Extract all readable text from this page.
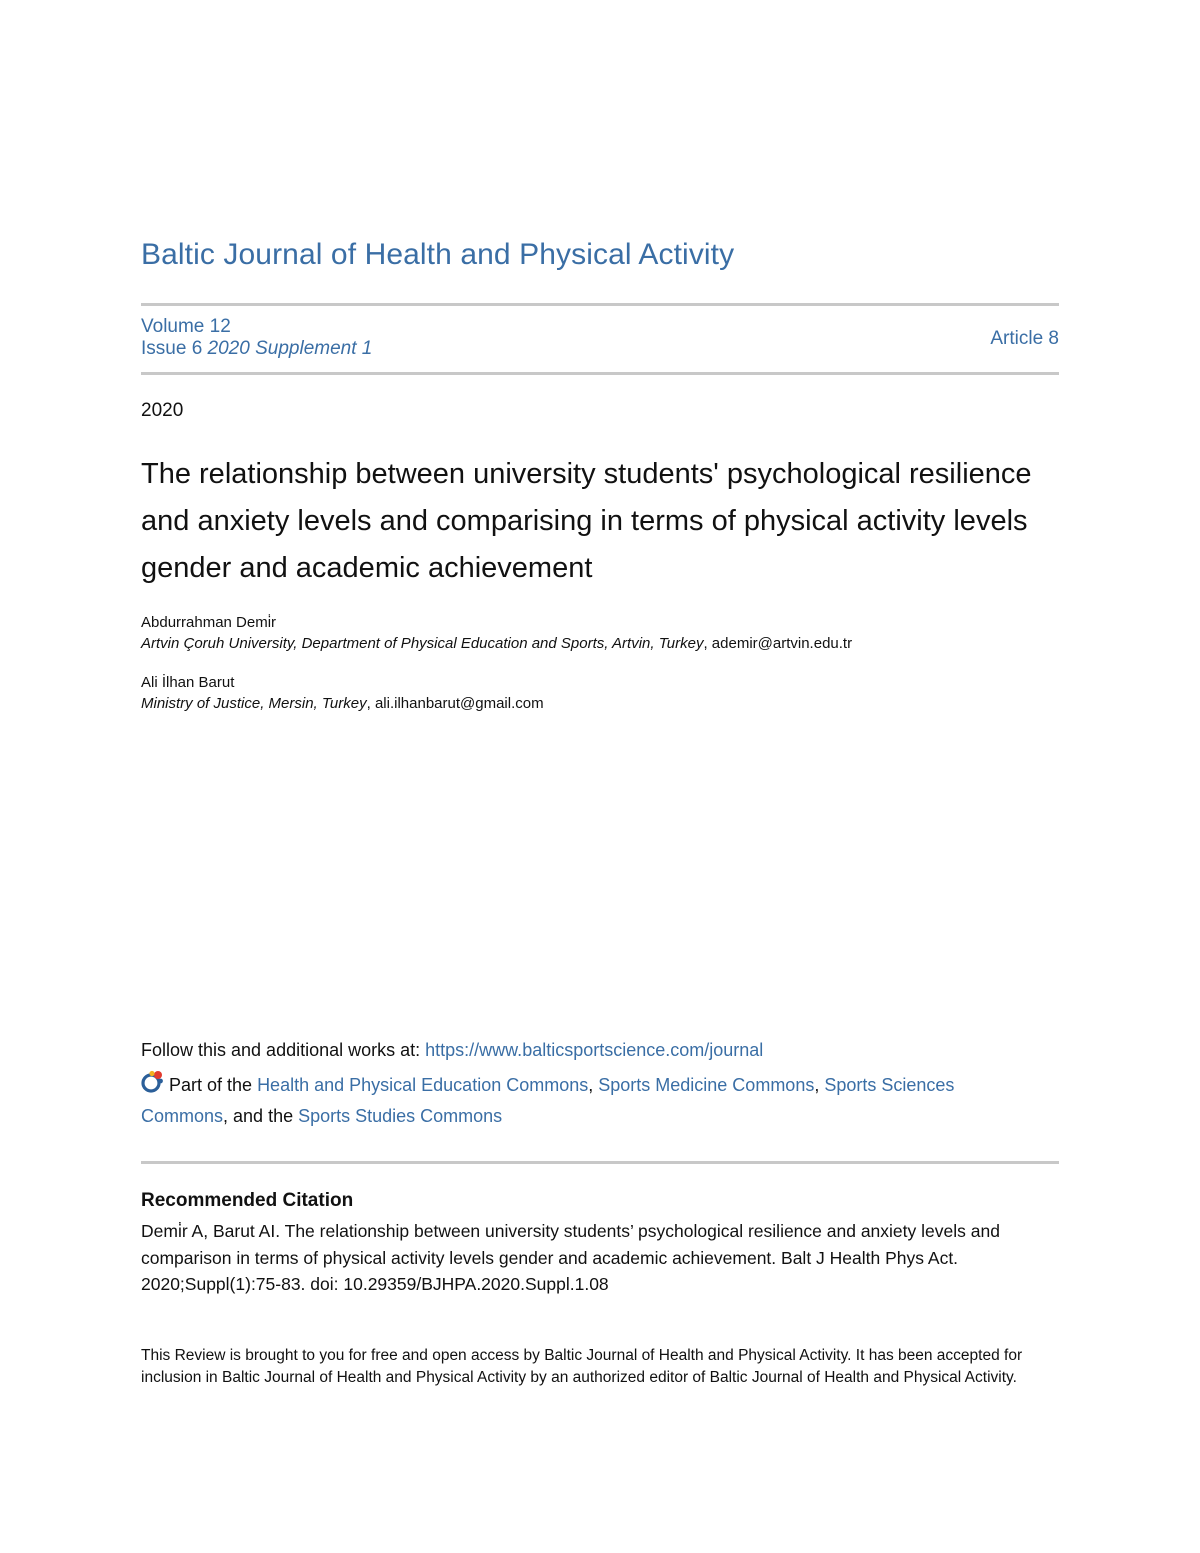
Baltic Journal of Health and Physical Activity
Volume 12
Issue 6 2020 Supplement 1	Article 8
2020
The relationship between university students' psychological resilience and anxiety levels and comparising in terms of physical activity levels gender and academic achievement
Abdurrahman Demi̇r
Artvin Çoruh University, Department of Physical Education and Sports, Artvin, Turkey, ademir@artvin.edu.tr
Ali İlhan Barut
Ministry of Justice, Mersin, Turkey, ali.ilhanbarut@gmail.com
Follow this and additional works at: https://www.balticsportscience.com/journal
Part of the Health and Physical Education Commons, Sports Medicine Commons, Sports Sciences Commons, and the Sports Studies Commons
Recommended Citation
Demi̇r A, Barut AI. The relationship between university students’ psychological resilience and anxiety levels and comparison in terms of physical activity levels gender and academic achievement. Balt J Health Phys Act. 2020;Suppl(1):75-83. doi: 10.29359/BJHPA.2020.Suppl.1.08
This Review is brought to you for free and open access by Baltic Journal of Health and Physical Activity. It has been accepted for inclusion in Baltic Journal of Health and Physical Activity by an authorized editor of Baltic Journal of Health and Physical Activity.
